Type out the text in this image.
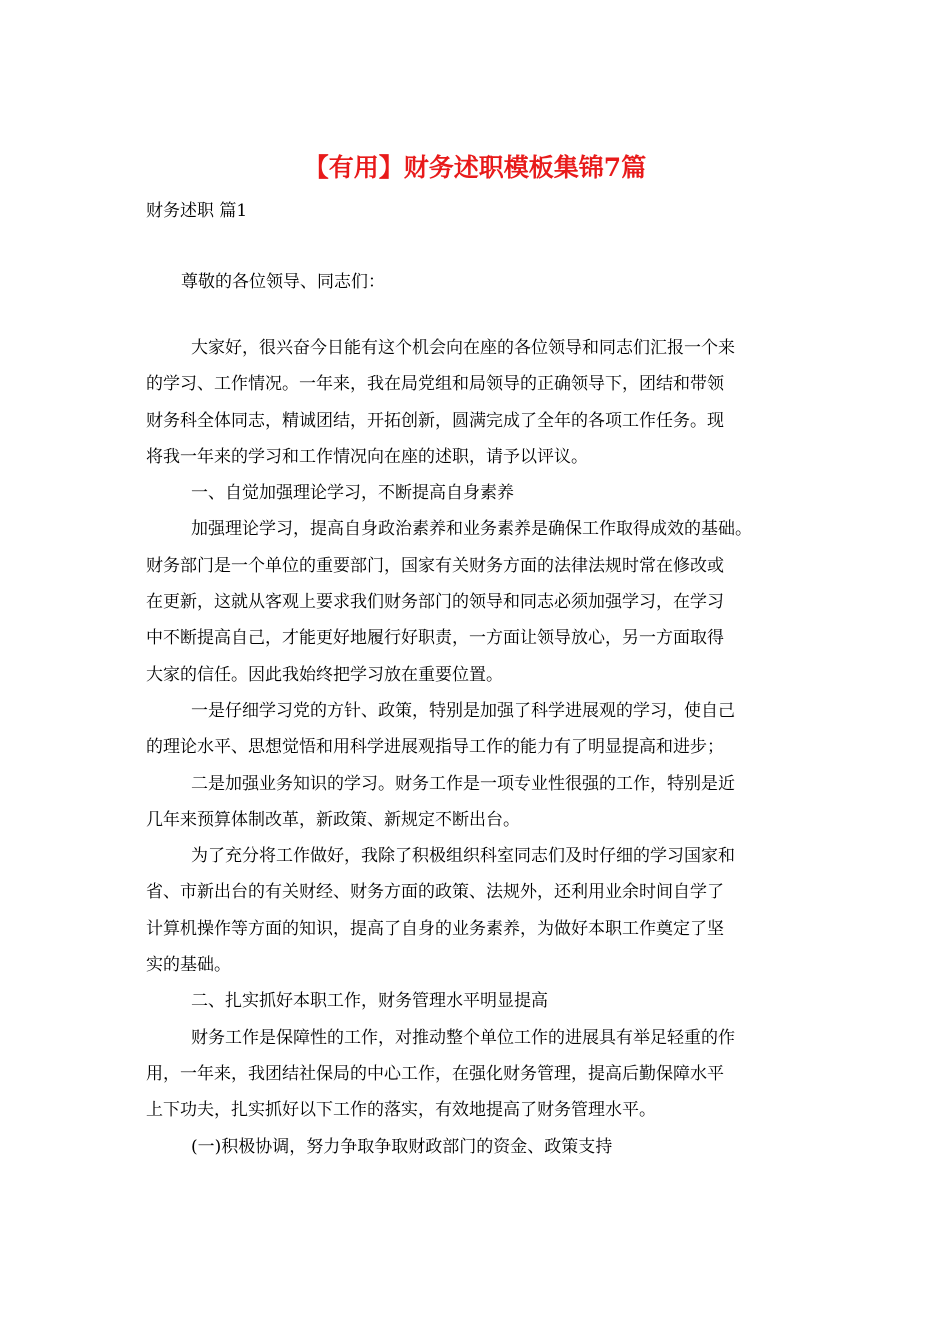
【有用】财务述职模板集锦7篇
财务述职 篇1
尊敬的各位领导、同志们：
大家好，很兴奋今日能有这个机会向在座的各位领导和同志们汇报一个来
的学习、工作情况。一年来，我在局党组和局领导的正确领导下，团结和带领
财务科全体同志，精诚团结，开拓创新，圆满完成了全年的各项工作任务。现
将我一年来的学习和工作情况向在座的述职，请予以评议。
一、自觉加强理论学习，不断提高自身素养
加强理论学习，提高自身政治素养和业务素养是确保工作取得成效的基础。
财务部门是一个单位的重要部门，国家有关财务方面的法律法规时常在修改或
在更新，这就从客观上要求我们财务部门的领导和同志必须加强学习，在学习
中不断提高自己，才能更好地履行好职责，一方面让领导放心，另一方面取得
大家的信任。因此我始终把学习放在重要位置。
一是仔细学习党的方针、政策，特别是加强了科学进展观的学习，使自己
的理论水平、思想觉悟和用科学进展观指导工作的能力有了明显提高和进步；
二是加强业务知识的学习。财务工作是一项专业性很强的工作，特别是近
几年来预算体制改革，新政策、新规定不断出台。
为了充分将工作做好，我除了积极组织科室同志们及时仔细的学习国家和
省、市新出台的有关财经、财务方面的政策、法规外，还利用业余时间自学了
计算机操作等方面的知识，提高了自身的业务素养，为做好本职工作奠定了坚
实的基础。
二、扎实抓好本职工作，财务管理水平明显提高
财务工作是保障性的工作，对推动整个单位工作的进展具有举足轻重的作
用，一年来，我团结社保局的中心工作，在强化财务管理，提高后勤保障水平
上下功夫，扎实抓好以下工作的落实，有效地提高了财务管理水平。
(一)积极协调，努力争取争取财政部门的资金、政策支持
